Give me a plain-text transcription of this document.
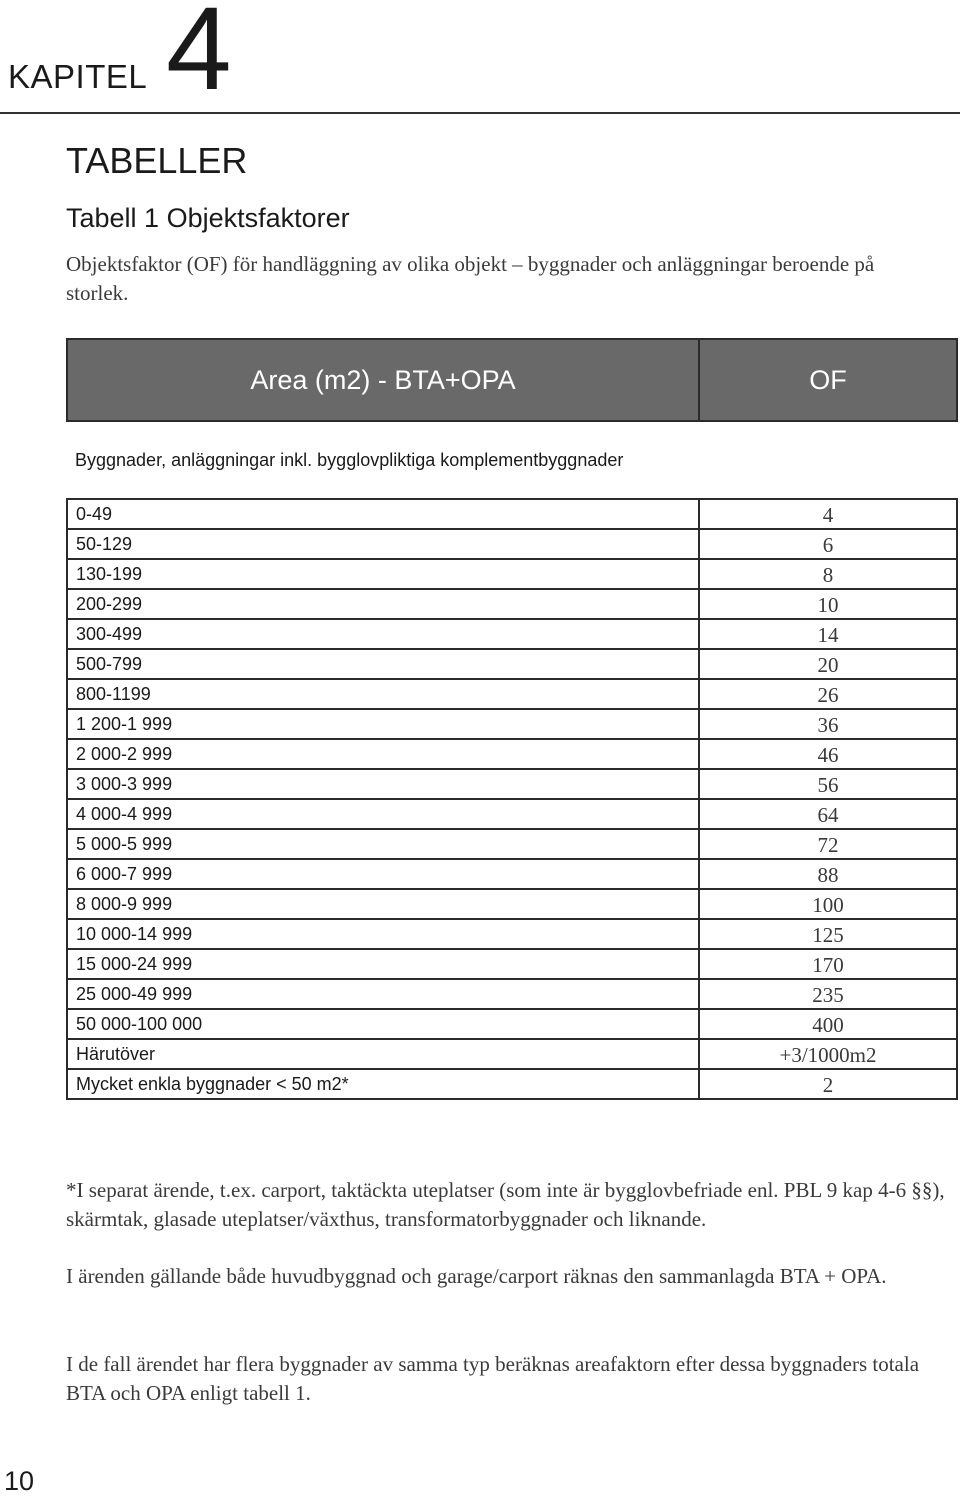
KAPITEL 4
TABELLER
Tabell 1 Objektsfaktorer
Objektsfaktor (OF) för handläggning av olika objekt – byggnader och anläggningar beroende på storlek.
Area (m2) - BTA+OPA	OF
Byggnader, anläggningar inkl. bygglovpliktiga komplementbyggnader	
0-49	4
50-129	6
130-199	8
200-299	10
300-499	14
500-799	20
800-1199	26
1 200-1 999	36
2 000-2 999	46
3 000-3 999	56
4 000-4 999	64
5 000-5 999	72
6 000-7 999	88
8 000-9 999	100
10 000-14 999	125
15 000-24 999	170
25 000-49 999	235
50 000-100 000	400
Härutöver	+3/1000m2
Mycket enkla byggnader < 50 m2*	2
*I separat ärende, t.ex. carport, taktäckta uteplatser (som inte är bygglovbefriade enl. PBL 9 kap 4-6 §§), skärmtak, glasade uteplatser/växthus, transformatorbyggnader och liknande.
I ärenden gällande både huvudbyggnad och garage/carport räknas den sammanlagda BTA + OPA.
I de fall ärendet har flera byggnader av samma typ beräknas areafaktorn efter dessa byggnaders totala BTA och OPA enligt tabell 1.
10
